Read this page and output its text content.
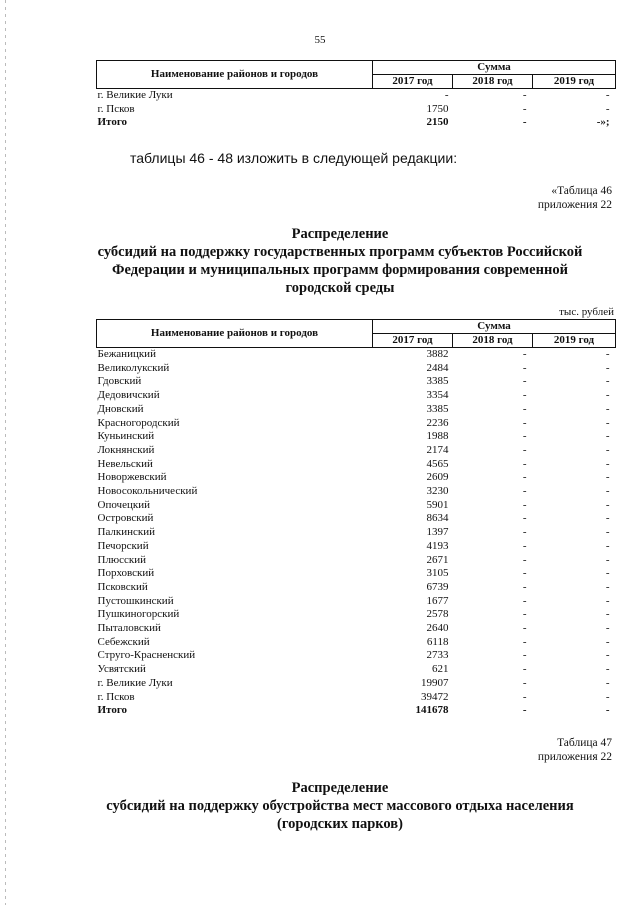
55
Наименование районов и городов	Сумма		
	2017 год	2018 год	2019 год
г. Великие Луки	-	-	-
г. Псков	1750	-	-
Итого	2150	-	-»;
таблицы 46 - 48 изложить в следующей редакции:
«Таблица 46
приложения 22
Распределение
субсидий на поддержку государственных программ субъектов Российской
Федерации и муниципальных программ формирования современной
городской среды
тыс. рублей
Наименование районов и городов	Сумма		
	2017 год	2018 год	2019 год
Бежаницкий	3882	-	-
Великолукский	2484	-	-
Гдовский	3385	-	-
Дедовичский	3354	-	-
Дновский	3385	-	-
Красногородский	2236	-	-
Куньинский	1988	-	-
Локнянский	2174	-	-
Невельский	4565	-	-
Новоржевский	2609	-	-
Новосокольнический	3230	-	-
Опочецкий	5901	-	-
Островский	8634	-	-
Палкинский	1397	-	-
Печорский	4193	-	-
Плюсский	2671	-	-
Порховский	3105	-	-
Псковский	6739	-	-
Пустошкинский	1677	-	-
Пушкиногорский	2578	-	-
Пыталовский	2640	-	-
Себежский	6118	-	-
Струго-Красненский	2733	-	-
Усвятский	621	-	-
г. Великие Луки	19907	-	-
г. Псков	39472	-	-
Итого	141678	-	-
Таблица 47
приложения 22
Распределение
субсидий на поддержку обустройства мест массового отдыха населения
(городских парков)
